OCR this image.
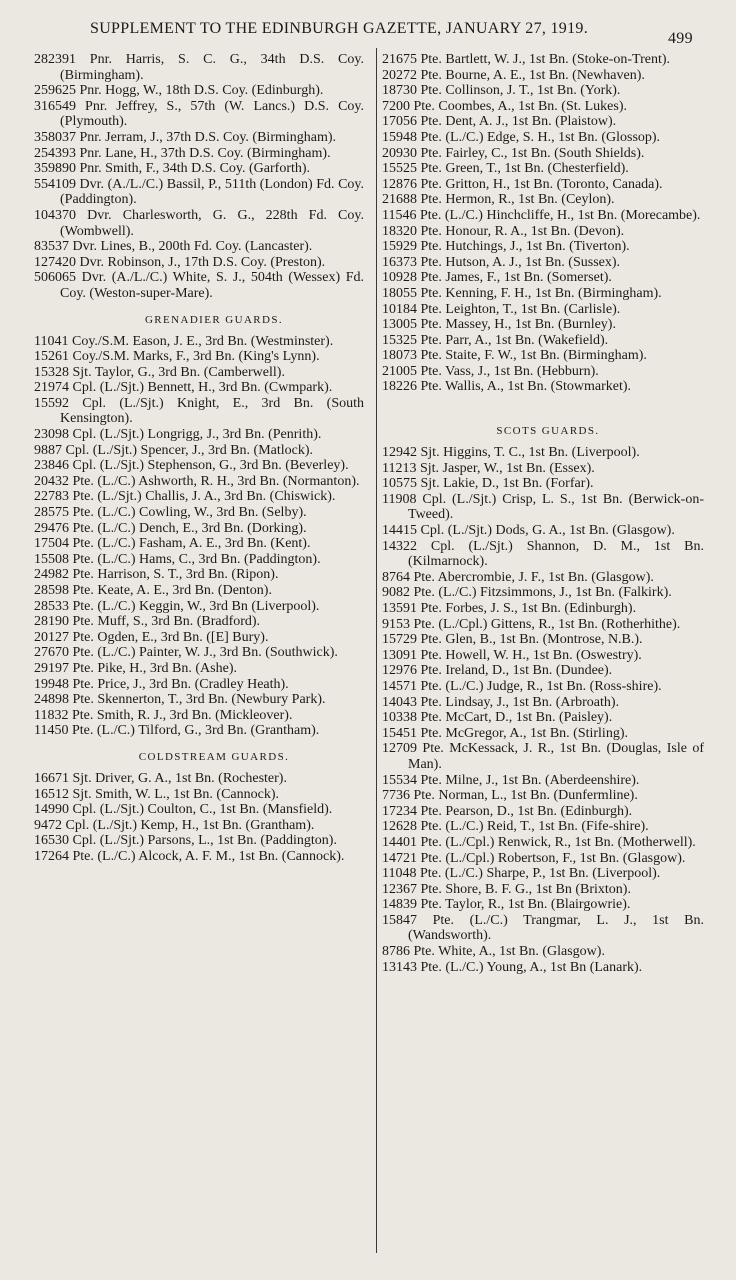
SUPPLEMENT TO THE EDINBURGH GAZETTE, JANUARY 27, 1919.
499

282391 Pnr. Harris, S. C. G., 34th D.S. Coy. (Birmingham).

259625 Pnr. Hogg, W., 18th D.S. Coy. (Edinburgh).

316549 Pnr. Jeffrey, S., 57th (W. Lancs.) D.S. Coy. (Plymouth).

358037 Pnr. Jerram, J., 37th D.S. Coy. (Birmingham).

254393 Pnr. Lane, H., 37th D.S. Coy. (Birmingham).

359890 Pnr. Smith, F., 34th D.S. Coy. (Garforth).

554109 Dvr. (A./L./C.) Bassil, P., 511th (London) Fd. Coy. (Paddington).

104370 Dvr. Charlesworth, G. G., 228th Fd. Coy. (Wombwell).

83537 Dvr. Lines, B., 200th Fd. Coy. (Lancaster).

127420 Dvr. Robinson, J., 17th D.S. Coy. (Preston).

506065 Dvr. (A./L./C.) White, S. J., 504th (Wessex) Fd. Coy. (Weston-super-Mare).

GRENADIER GUARDS.

11041 Coy./S.M. Eason, J. E., 3rd Bn. (Westminster).

15261 Coy./S.M. Marks, F., 3rd Bn. (King's Lynn).

15328 Sjt. Taylor, G., 3rd Bn. (Camberwell).

21974 Cpl. (L./Sjt.) Bennett, H., 3rd Bn. (Cwmpark).

15592 Cpl. (L./Sjt.) Knight, E., 3rd Bn. (South Kensington).

23098 Cpl. (L./Sjt.) Longrigg, J., 3rd Bn. (Penrith).

9887 Cpl. (L./Sjt.) Spencer, J., 3rd Bn. (Matlock).

23846 Cpl. (L./Sjt.) Stephenson, G., 3rd Bn. (Beverley).

20432 Pte. (L./C.) Ashworth, R. H., 3rd Bn. (Normanton).

22783 Pte. (L./Sjt.) Challis, J. A., 3rd Bn. (Chiswick).

28575 Pte. (L./C.) Cowling, W., 3rd Bn. (Selby).

29476 Pte. (L./C.) Dench, E., 3rd Bn. (Dorking).

17504 Pte. (L./C.) Fasham, A. E., 3rd Bn. (Kent).

15508 Pte. (L./C.) Hams, C., 3rd Bn. (Paddington).

24982 Pte. Harrison, S. T., 3rd Bn. (Ripon).

28598 Pte. Keate, A. E., 3rd Bn. (Denton).

28533 Pte. (L./C.) Keggin, W., 3rd Bn (Liverpool).

28190 Pte. Muff, S., 3rd Bn. (Bradford).

20127 Pte. Ogden, E., 3rd Bn. ([E] Bury).

27670 Pte. (L./C.) Painter, W. J., 3rd Bn. (Southwick).

29197 Pte. Pike, H., 3rd Bn. (Ashe).

19948 Pte. Price, J., 3rd Bn. (Cradley Heath).

24898 Pte. Skennerton, T., 3rd Bn. (Newbury Park).

11832 Pte. Smith, R. J., 3rd Bn. (Mickleover).

11450 Pte. (L./C.) Tilford, G., 3rd Bn. (Grantham).

COLDSTREAM GUARDS.

16671 Sjt. Driver, G. A., 1st Bn. (Rochester).

16512 Sjt. Smith, W. L., 1st Bn. (Cannock).

14990 Cpl. (L./Sjt.) Coulton, C., 1st Bn. (Mansfield).

9472 Cpl. (L./Sjt.) Kemp, H., 1st Bn. (Grantham).

16530 Cpl. (L./Sjt.) Parsons, L., 1st Bn. (Paddington).

17264 Pte. (L./C.) Alcock, A. F. M., 1st Bn. (Cannock).

21675 Pte. Bartlett, W. J., 1st Bn. (Stoke-on-Trent).

20272 Pte. Bourne, A. E., 1st Bn. (Newhaven).

18730 Pte. Collinson, J. T., 1st Bn. (York).

7200 Pte. Coombes, A., 1st Bn. (St. Lukes).

17056 Pte. Dent, A. J., 1st Bn. (Plaistow).

15948 Pte. (L./C.) Edge, S. H., 1st Bn. (Glossop).

20930 Pte. Fairley, C., 1st Bn. (South Shields).

15525 Pte. Green, T., 1st Bn. (Chesterfield).

12876 Pte. Gritton, H., 1st Bn. (Toronto, Canada).

21688 Pte. Hermon, R., 1st Bn. (Ceylon).

11546 Pte. (L./C.) Hinchcliffe, H., 1st Bn. (Morecambe).

18320 Pte. Honour, R. A., 1st Bn. (Devon).

15929 Pte. Hutchings, J., 1st Bn. (Tiverton).

16373 Pte. Hutson, A. J., 1st Bn. (Sussex).

10928 Pte. James, F., 1st Bn. (Somerset).

18055 Pte. Kenning, F. H., 1st Bn. (Birmingham).

10184 Pte. Leighton, T., 1st Bn. (Carlisle).

13005 Pte. Massey, H., 1st Bn. (Burnley).

15325 Pte. Parr, A., 1st Bn. (Wakefield).

18073 Pte. Staite, F. W., 1st Bn. (Birmingham).

21005 Pte. Vass, J., 1st Bn. (Hebburn).

18226 Pte. Wallis, A., 1st Bn. (Stowmarket).

SCOTS GUARDS.

12942 Sjt. Higgins, T. C., 1st Bn. (Liverpool).

11213 Sjt. Jasper, W., 1st Bn. (Essex).

10575 Sjt. Lakie, D., 1st Bn. (Forfar).

11908 Cpl. (L./Sjt.) Crisp, L. S., 1st Bn. (Berwick-on-Tweed).

14415 Cpl. (L./Sjt.) Dods, G. A., 1st Bn. (Glasgow).

14322 Cpl. (L./Sjt.) Shannon, D. M., 1st Bn. (Kilmarnock).

8764 Pte. Abercrombie, J. F., 1st Bn. (Glasgow).

9082 Pte. (L./C.) Fitzsimmons, J., 1st Bn. (Falkirk).

13591 Pte. Forbes, J. S., 1st Bn. (Edinburgh).

9153 Pte. (L./Cpl.) Gittens, R., 1st Bn. (Rotherhithe).

15729 Pte. Glen, B., 1st Bn. (Montrose, N.B.).

13091 Pte. Howell, W. H., 1st Bn. (Oswestry).

12976 Pte. Ireland, D., 1st Bn. (Dundee).

14571 Pte. (L./C.) Judge, R., 1st Bn. (Ross-shire).

14043 Pte. Lindsay, J., 1st Bn. (Arbroath).

10338 Pte. McCart, D., 1st Bn. (Paisley).

15451 Pte. McGregor, A., 1st Bn. (Stirling).

12709 Pte. McKessack, J. R., 1st Bn. (Douglas, Isle of Man).

15534 Pte. Milne, J., 1st Bn. (Aberdeenshire).

7736 Pte. Norman, L., 1st Bn. (Dunfermline).

17234 Pte. Pearson, D., 1st Bn. (Edinburgh).

12628 Pte. (L./C.) Reid, T., 1st Bn. (Fife-shire).

14401 Pte. (L./Cpl.) Renwick, R., 1st Bn. (Motherwell).

14721 Pte. (L./Cpl.) Robertson, F., 1st Bn. (Glasgow).

11048 Pte. (L./C.) Sharpe, P., 1st Bn. (Liverpool).

12367 Pte. Shore, B. F. G., 1st Bn (Brixton).

14839 Pte. Taylor, R., 1st Bn. (Blairgowrie).

15847 Pte. (L./C.) Trangmar, L. J., 1st Bn. (Wandsworth).

8786 Pte. White, A., 1st Bn. (Glasgow).

13143 Pte. (L./C.) Young, A., 1st Bn (Lanark).
